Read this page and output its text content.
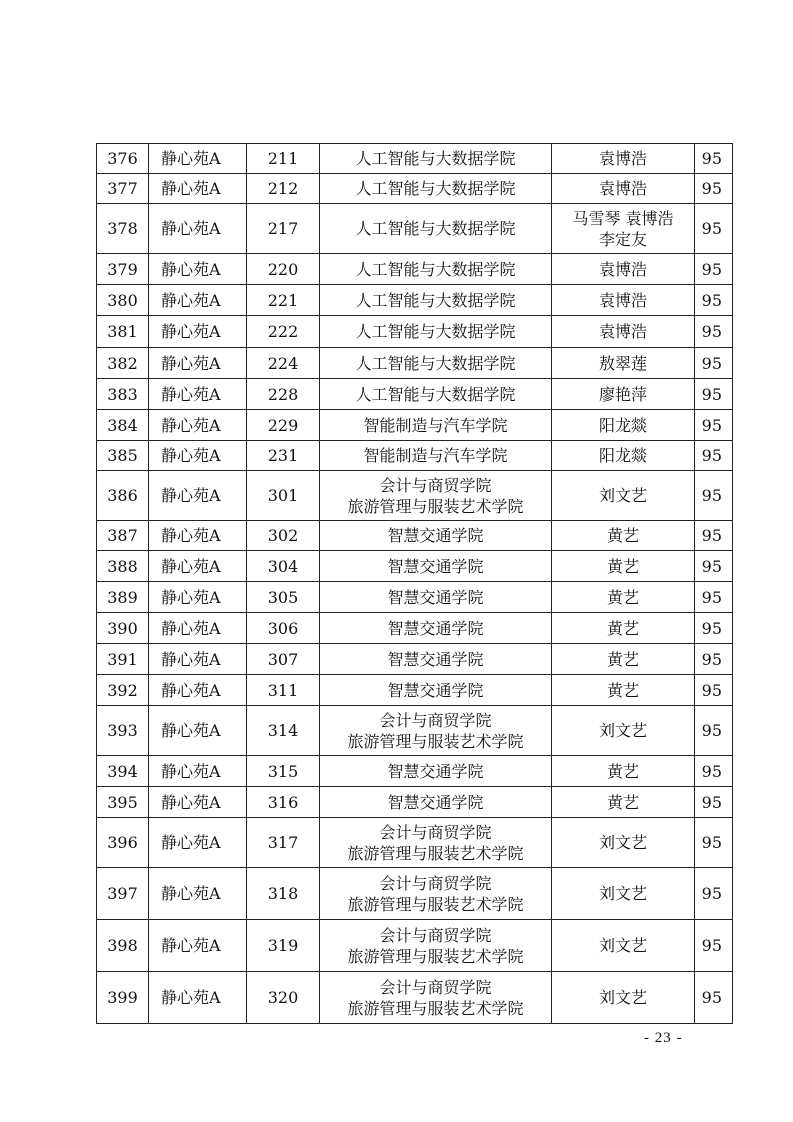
376	静心苑A	211	人工智能与大数据学院	袁博浩	95
377	静心苑A	212	人工智能与大数据学院	袁博浩	95
378	静心苑A	217	人工智能与大数据学院	马雪琴 袁博浩
李定友	95
379	静心苑A	220	人工智能与大数据学院	袁博浩	95
380	静心苑A	221	人工智能与大数据学院	袁博浩	95
381	静心苑A	222	人工智能与大数据学院	袁博浩	95
382	静心苑A	224	人工智能与大数据学院	敖翠莲	95
383	静心苑A	228	人工智能与大数据学院	廖艳萍	95
384	静心苑A	229	智能制造与汽车学院	阳龙燚	95
385	静心苑A	231	智能制造与汽车学院	阳龙燚	95
386	静心苑A	301	会计与商贸学院
旅游管理与服装艺术学院	刘文艺	95
387	静心苑A	302	智慧交通学院	黄艺	95
388	静心苑A	304	智慧交通学院	黄艺	95
389	静心苑A	305	智慧交通学院	黄艺	95
390	静心苑A	306	智慧交通学院	黄艺	95
391	静心苑A	307	智慧交通学院	黄艺	95
392	静心苑A	311	智慧交通学院	黄艺	95
393	静心苑A	314	会计与商贸学院
旅游管理与服装艺术学院	刘文艺	95
394	静心苑A	315	智慧交通学院	黄艺	95
395	静心苑A	316	智慧交通学院	黄艺	95
396	静心苑A	317	会计与商贸学院
旅游管理与服装艺术学院	刘文艺	95
397	静心苑A	318	会计与商贸学院
旅游管理与服装艺术学院	刘文艺	95
398	静心苑A	319	会计与商贸学院
旅游管理与服装艺术学院	刘文艺	95
399	静心苑A	320	会计与商贸学院
旅游管理与服装艺术学院	刘文艺	95
- 23 -
